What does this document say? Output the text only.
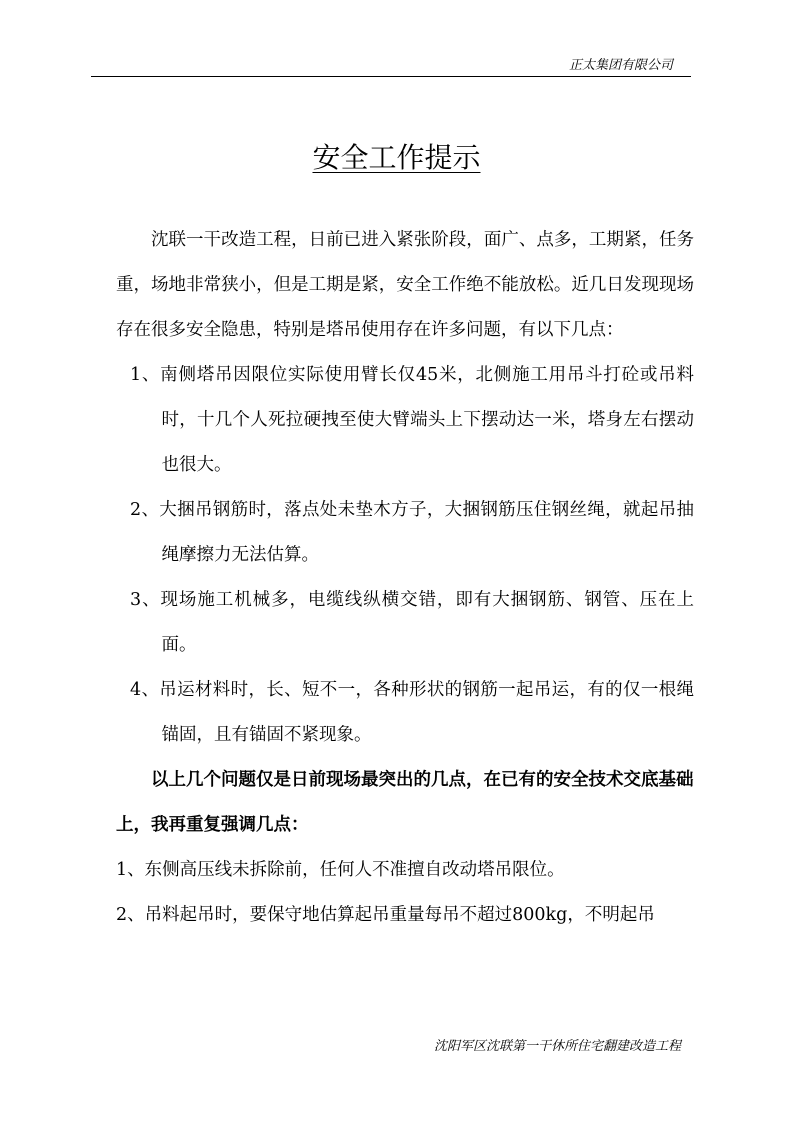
正太集团有限公司
安全工作提示

沈联一干改造工程，日前已进入紧张阶段，面广、点多，工期紧，任务重，场地非常狭小，但是工期是紧，安全工作绝不能放松。近几日发现现场存在很多安全隐患，特别是塔吊使用存在许多问题，有以下几点：

1、南侧塔吊因限位实际使用臂长仅45米，北侧施工用吊斗打砼或吊料时，十几个人死拉硬拽至使大臂端头上下摆动达一米，塔身左右摆动也很大。

2、大捆吊钢筋时，落点处未垫木方子，大捆钢筋压住钢丝绳，就起吊抽绳摩擦力无法估算。

3、现场施工机械多，电缆线纵横交错，即有大捆钢筋、钢管、压在上面。

4、吊运材料时，长、短不一，各种形状的钢筋一起吊运，有的仅一根绳锚固，且有锚固不紧现象。

以上几个问题仅是日前现场最突出的几点，在已有的安全技术交底基础上，我再重复强调几点：

1、东侧高压线未拆除前，任何人不准擅自改动塔吊限位。

2、吊料起吊时，要保守地估算起吊重量每吊不超过800kg，不明起吊

沈阳军区沈联第一干休所住宅翻建改造工程
